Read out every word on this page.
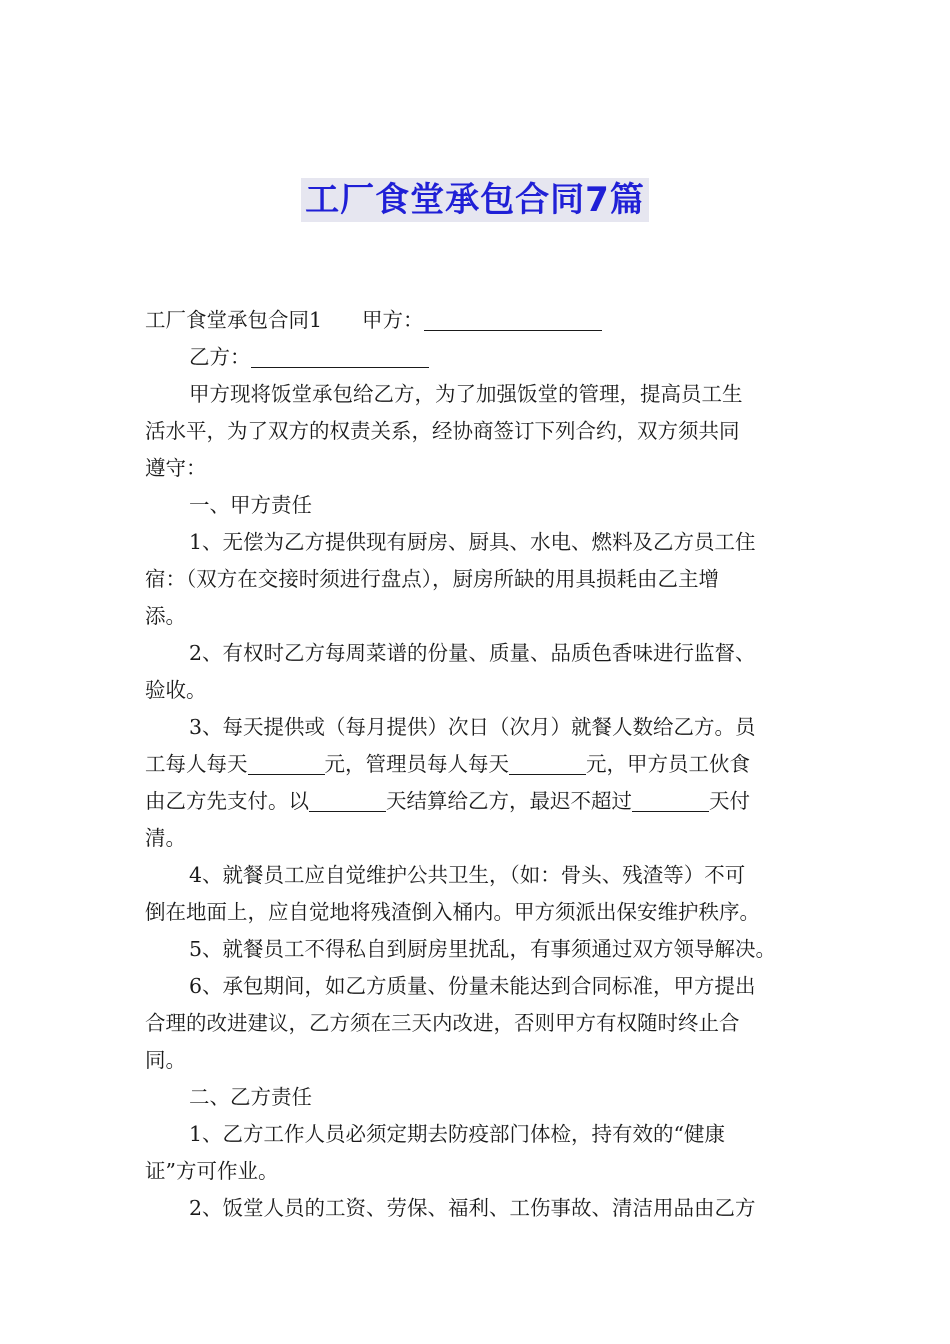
工厂食堂承包合同7篇
工厂食堂承包合同1 甲方：
乙方：
甲方现将饭堂承包给乙方，为了加强饭堂的管理，提高员工生
活水平，为了双方的权责关系，经协商签订下列合约，双方须共同
遵守：
一、甲方责任
1、无偿为乙方提供现有厨房、厨具、水电、燃料及乙方员工住
宿：（双方在交接时须进行盘点），厨房所缺的用具损耗由乙主增
添。
2、有权时乙方每周菜谱的份量、质量、品质色香味进行监督、
验收。
3、每天提供或（每月提供）次日（次月）就餐人数给乙方。员
工每人每天	元，管理员每人每天	元，甲方员工伙食
由乙方先支付。以	天结算给乙方，最迟不超过	天付
清。
4、就餐员工应自觉维护公共卫生，（如：骨头、残渣等）不可
倒在地面上，应自觉地将残渣倒入桶内。甲方须派出保安维护秩序。
5、就餐员工不得私自到厨房里扰乱，有事须通过双方领导解决。
6、承包期间，如乙方质量、份量未能达到合同标准，甲方提出
合理的改进建议，乙方须在三天内改进，否则甲方有权随时终止合
同。
二、乙方责任
1、乙方工作人员必须定期去防疫部门体检，持有效的“健康
证”方可作业。
2、饭堂人员的工资、劳保、福利、工伤事故、清洁用品由乙方
